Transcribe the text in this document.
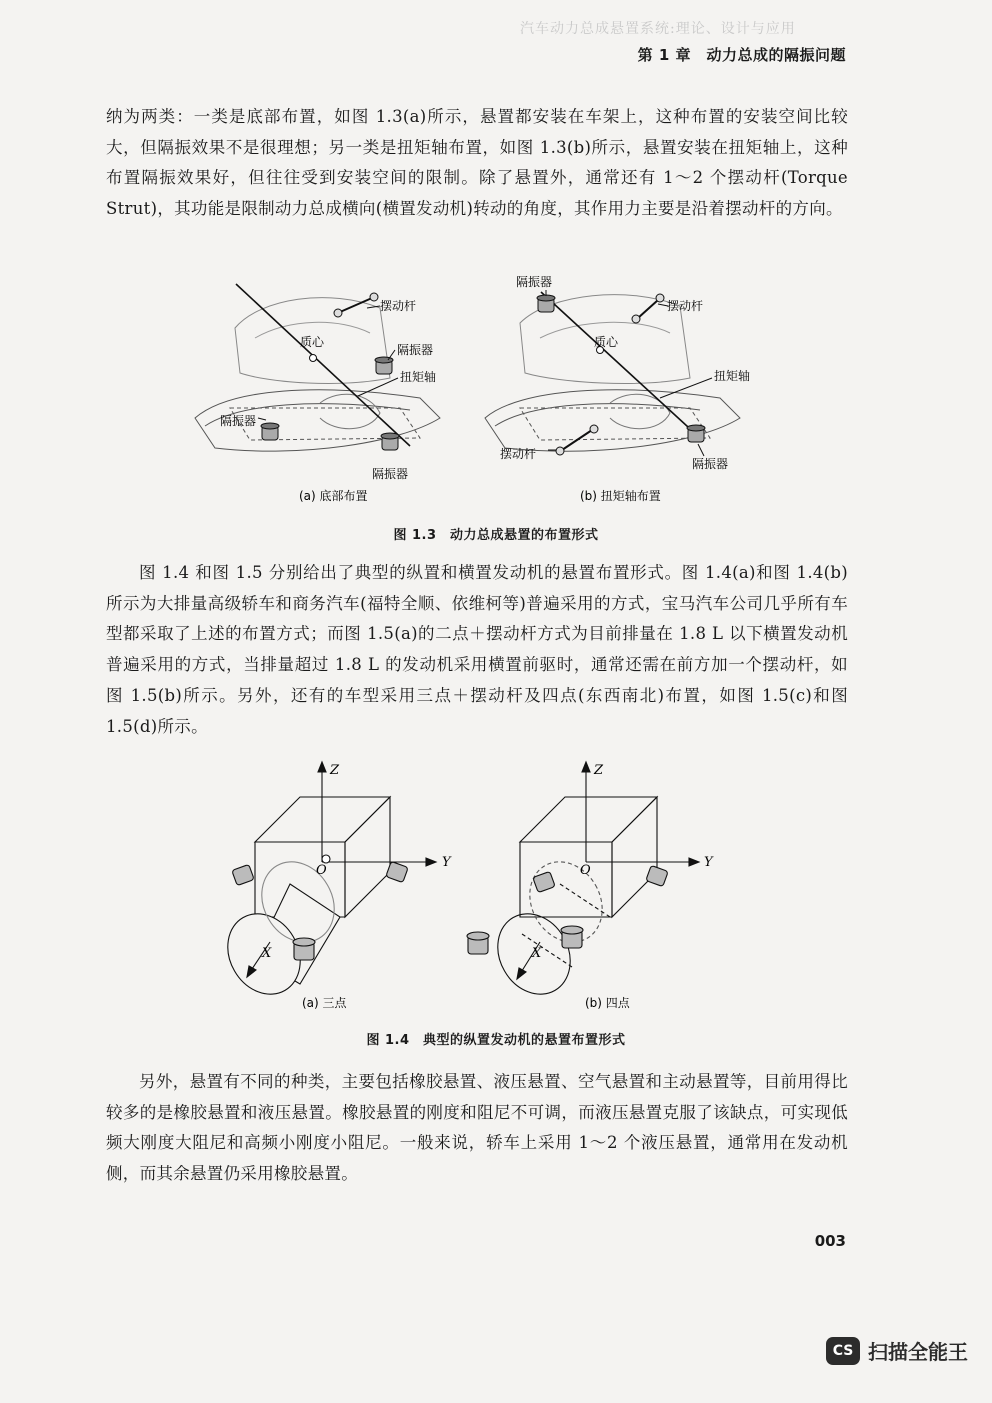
汽车动力总成悬置系统:理论、设计与应用
第 1 章　动力总成的隔振问题
纳为两类：一类是底部布置，如图 1.3(a)所示，悬置都安装在车架上，这种布置的安装空间比较大，但隔振效果不是很理想；另一类是扭矩轴布置，如图 1.3(b)所示，悬置安装在扭矩轴上，这种布置隔振效果好，但往往受到安装空间的限制。除了悬置外，通常还有 1～2 个摆动杆(Torque Strut)，其功能是限制动力总成横向(横置发动机)转动的角度，其作用力主要是沿着摆动杆的方向。
摆动杆
质心
隔振器
扭矩轴
隔振器
隔振器
(a) 底部布置
隔振器
摆动杆
质心
扭矩轴
摆动杆
隔振器
(b) 扭矩轴布置
图 1.3　动力总成悬置的布置形式
图 1.4 和图 1.5 分别给出了典型的纵置和横置发动机的悬置布置形式。图 1.4(a)和图 1.4(b)所示为大排量高级轿车和商务汽车(福特全顺、依维柯等)普遍采用的方式，宝马汽车公司几乎所有车型都采取了上述的布置方式；而图 1.5(a)的二点＋摆动杆方式为目前排量在 1.8 L 以下横置发动机普遍采用的方式，当排量超过 1.8 L 的发动机采用横置前驱时，通常还需在前方加一个摆动杆，如图 1.5(b)所示。另外，还有的车型采用三点＋摆动杆及四点(东西南北)布置，如图 1.5(c)和图 1.5(d)所示。
Z
Y
X
O
(a) 三点
Z
Y
X
O
(b) 四点
图 1.4　典型的纵置发动机的悬置布置形式
另外，悬置有不同的种类，主要包括橡胶悬置、液压悬置、空气悬置和主动悬置等，目前用得比较多的是橡胶悬置和液压悬置。橡胶悬置的刚度和阻尼不可调，而液压悬置克服了该缺点，可实现低频大刚度大阻尼和高频小刚度小阻尼。一般来说，轿车上采用 1～2 个液压悬置，通常用在发动机侧，而其余悬置仍采用橡胶悬置。
003
CS 扫描全能王
